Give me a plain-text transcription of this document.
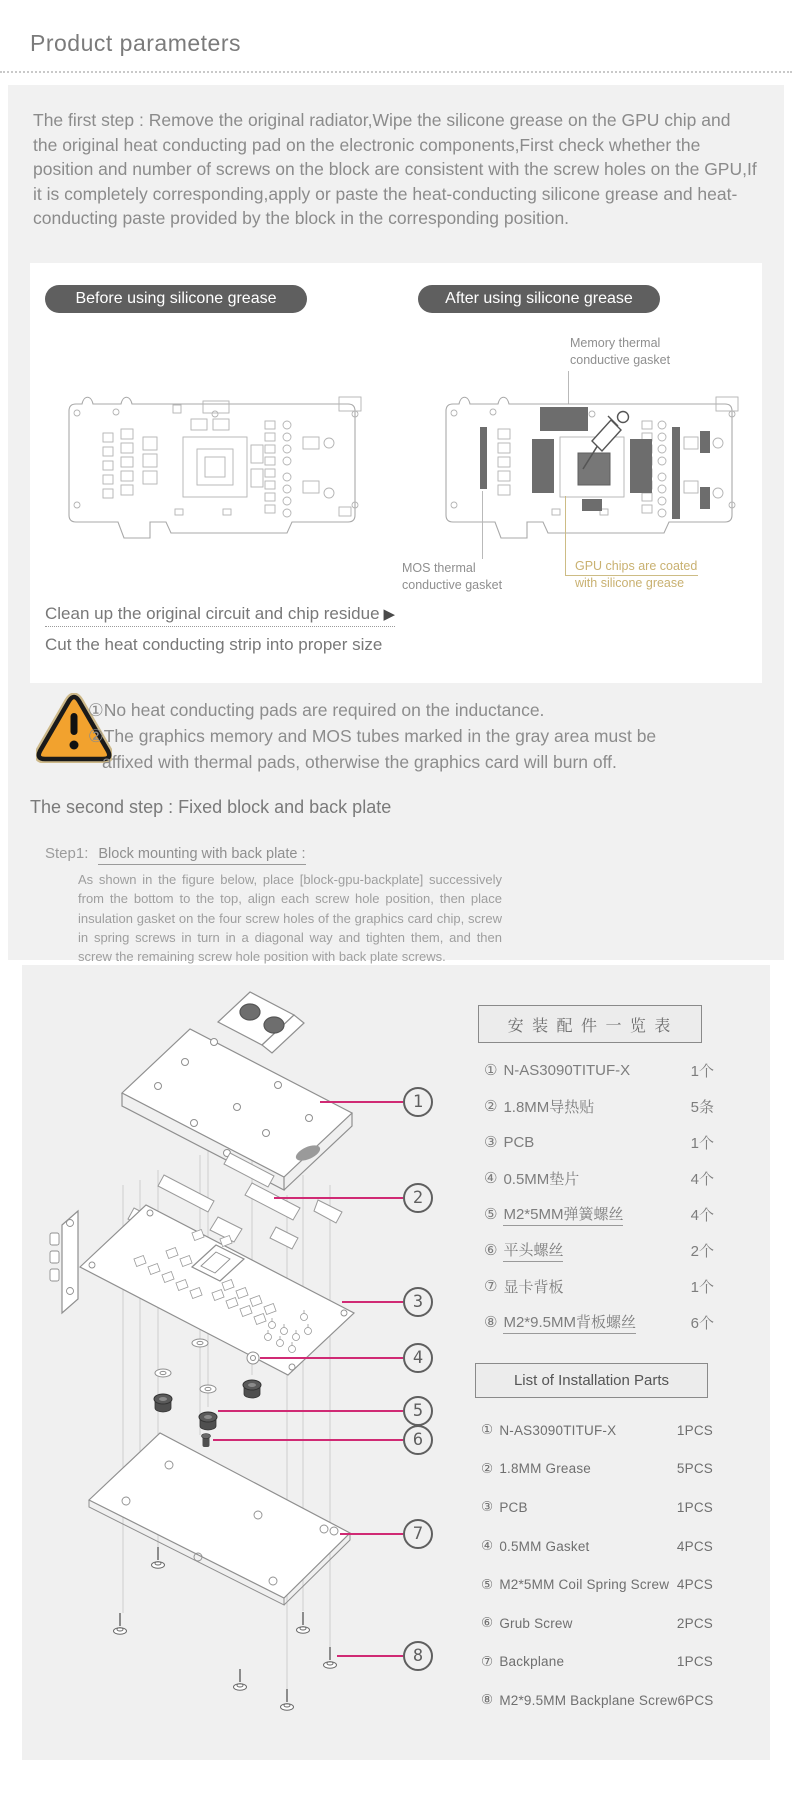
Product parameters
The first step : Remove the original radiator,Wipe the silicone grease on the GPU chip and the original heat conducting pad on the electronic components,First check whether the position and number of screws on the block are consistent with the screw holes on the GPU,If it is completely corresponding,apply or paste the heat-conducting silicone grease and heat-conducting paste provided by the block in the corresponding position.
Before using silicone grease	After using silicone grease
Memory thermal
conductive gasket
MOS thermal
conductive gasket
GPU chips are coated
with silicone grease
Clean up the original circuit and chip residue ▶
Cut the heat conducting strip into proper size
①No heat conducting pads are required on the inductance.
②The graphics memory and MOS tubes marked in the gray area must be
affixed with thermal pads, otherwise the graphics card will burn off.
The second step : Fixed block and back plate
Step1: Block mounting with back plate :
As shown in the figure below, place [block-gpu-backplate] successively from the bottom to the top, align each screw hole position, then place insulation gasket on the four screw holes of the graphics card chip, screw in spring screws in turn in a diagonal way and tighten them, and then screw the remaining screw hole position with back plate screws.
1
2
3
4
5
6
7
8
安 装 配 件 一 览 表
① N-AS3090TITUF-X	1个
② 1.8MM导热贴	5条
③ PCB	1个
④ 0.5MM垫片	4个
⑤ M2*5MM弹簧螺丝	4个
⑥ 平头螺丝	2个
⑦ 显卡背板	1个
⑧ M2*9.5MM背板螺丝	6个
List of Installation Parts
① N-AS3090TITUF-X	1PCS
② 1.8MM Grease	5PCS
③ PCB	1PCS
④ 0.5MM Gasket	4PCS
⑤ M2*5MM Coil Spring Screw 4PCS
⑥ Grub Screw	2PCS
⑦ Backplane	1PCS
⑧ M2*9.5MM Backplane Screw 6PCS
